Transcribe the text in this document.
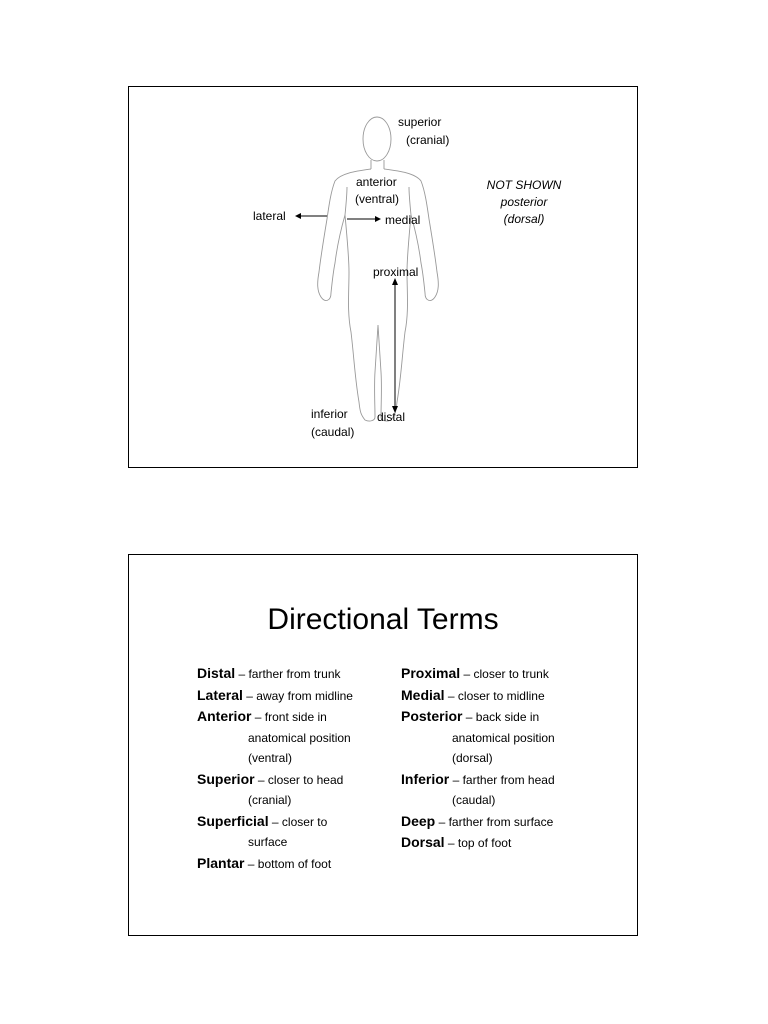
superior
(cranial)
anterior
(ventral)
lateral	medial
proximal
inferior
(caudal)
distal
NOT SHOWN
posterior
(dorsal)
Directional Terms
Distal – farther from trunk
Lateral – away from midline
Anterior – front side in
anatomical position
(ventral)
Superior – closer to head
(cranial)
Superficial – closer to
surface
Plantar – bottom of foot
Proximal – closer to trunk
Medial – closer to midline
Posterior – back side in
anatomical position
(dorsal)
Inferior – farther from head
(caudal)
Deep – farther from surface
Dorsal – top of foot
